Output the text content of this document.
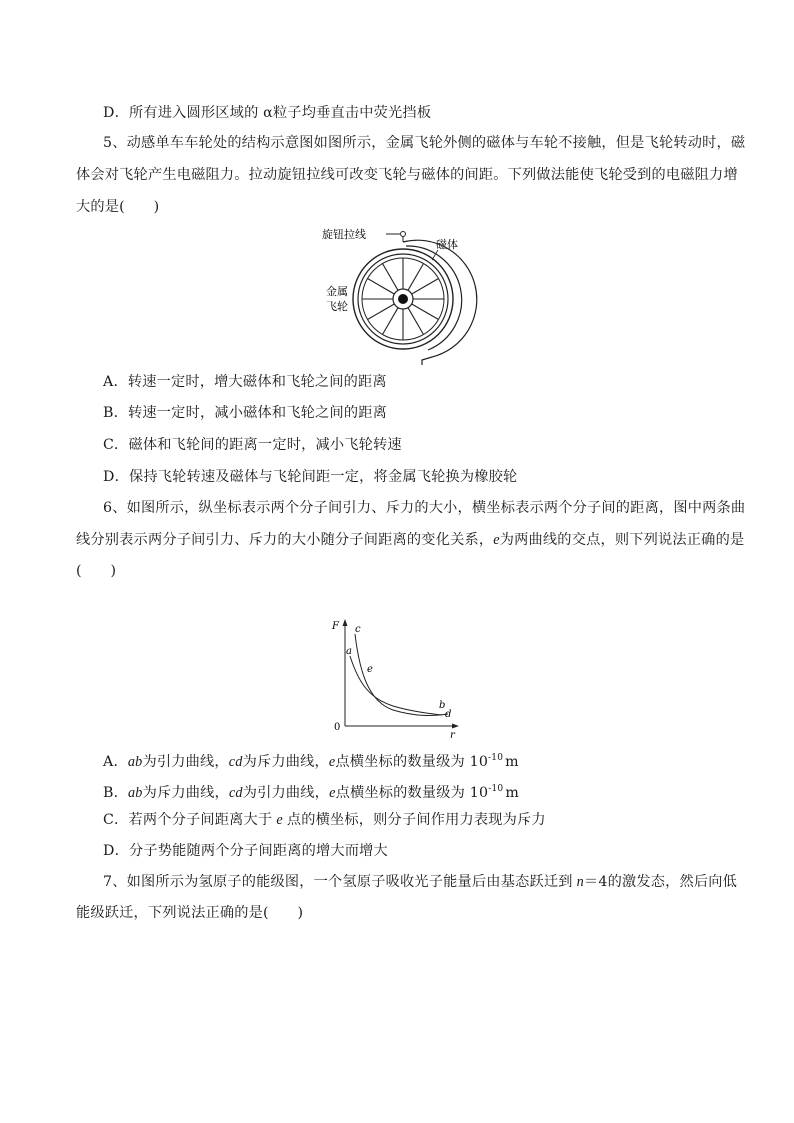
D．所有进入圆形区域的 α粒子均垂直击中荧光挡板
5、动感单车车轮处的结构示意图如图所示，金属飞轮外侧的磁体与车轮不接触，但是飞轮转动时，磁
体会对飞轮产生电磁阻力。拉动旋钮拉线可改变飞轮与磁体的间距。下列做法能使飞轮受到的电磁阻力增
大的是(　　)
旋钮拉线
磁体
金属
飞轮
A．转速一定时，增大磁体和飞轮之间的距离
B．转速一定时，减小磁体和飞轮之间的距离
C．磁体和飞轮间的距离一定时，减小飞轮转速
D．保持飞轮转速及磁体与飞轮间距一定，将金属飞轮换为橡胶轮
6、如图所示，纵坐标表示两个分子间引力、斥力的大小，横坐标表示两个分子间的距离，图中两条曲
线分别表示两分子间引力、斥力的大小随分子间距离的变化关系，e为两曲线的交点，则下列说法正确的是
(　　)
F
r
0
a
c
e
b
d
A．ab为引力曲线，cd为斥力曲线，e点横坐标的数量级为 $10^{-10}$ m
B．ab为斥力曲线，cd为引力曲线，e点横坐标的数量级为 $10^{-10}$ m
C．若两个分子间距离大于 e 点的横坐标，则分子间作用力表现为斥力
D．分子势能随两个分子间距离的增大而增大
7、如图所示为氢原子的能级图，一个氢原子吸收光子能量后由基态跃迁到 n＝4的激发态，然后向低
能级跃迁，下列说法正确的是(　　)
